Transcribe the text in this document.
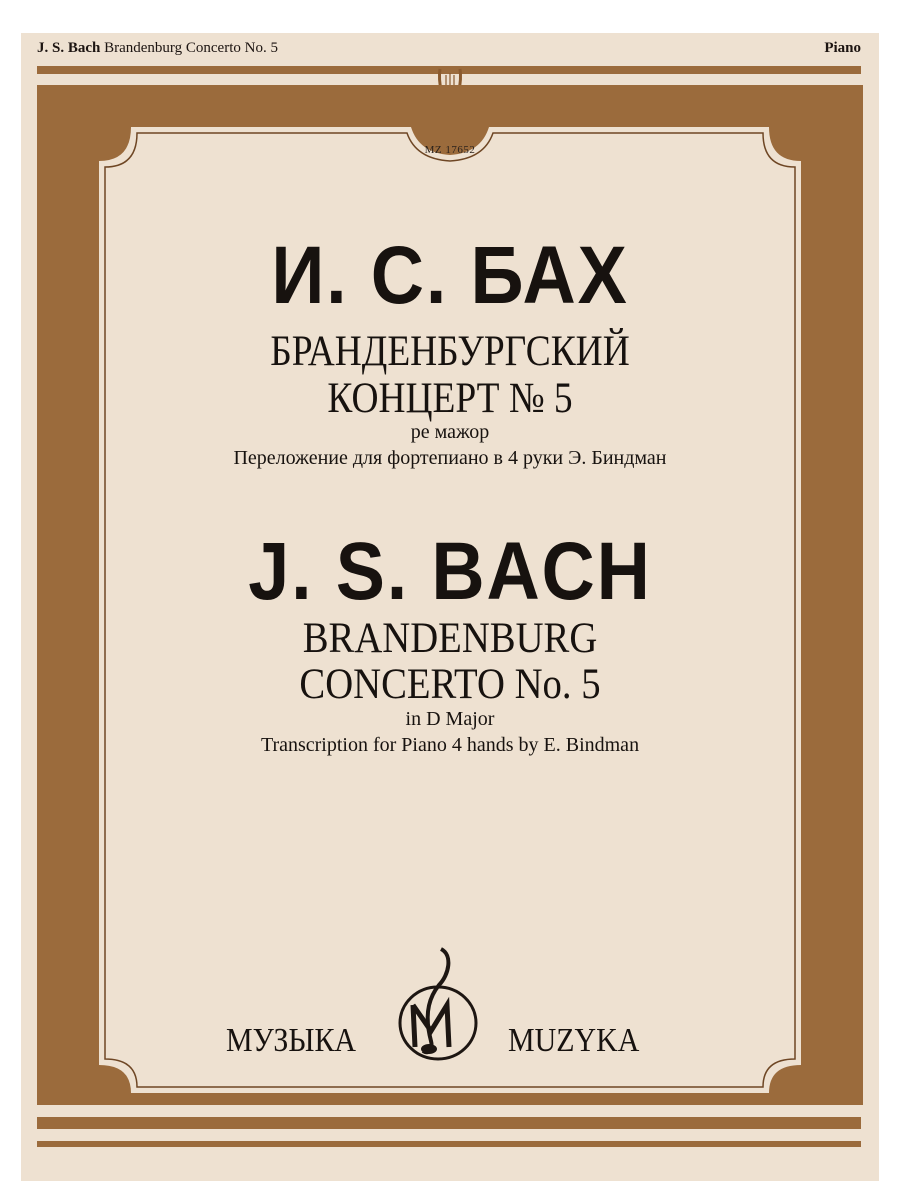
J. S. Bach Brandenburg Concerto No. 5	Piano
MZ 17652
И. С. БАХ
БРАНДЕНБУРГСКИЙ
КОНЦЕРТ № 5
ре мажор
Переложение для фортепиано в 4 руки Э. Биндман
J. S. BACH
BRANDENBURG
CONCERTO No. 5
in D Major
Transcription for Piano 4 hands by E. Bindman
МУЗЫКА	MUZYKA
